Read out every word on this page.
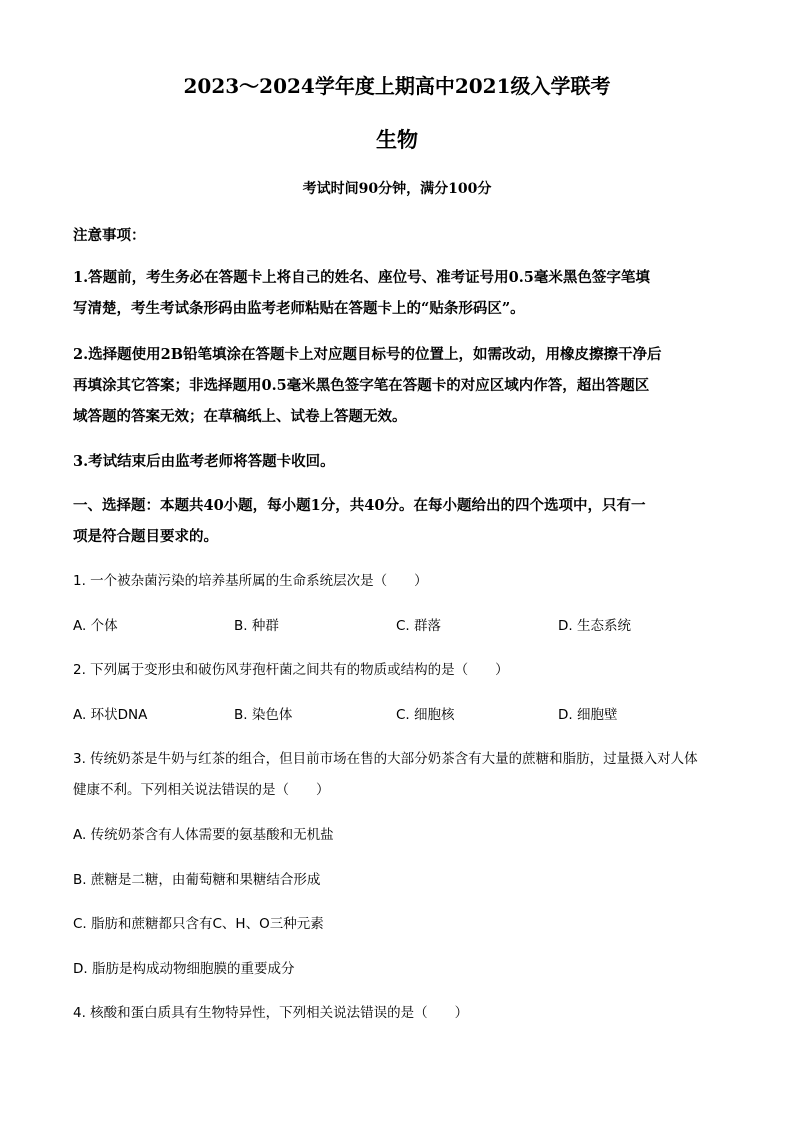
2023～2024学年度上期高中2021级入学联考
生物
考试时间90分钟，满分100分
注意事项：
1.答题前，考生务必在答题卡上将自己的姓名、座位号、准考证号用0.5毫米黑色签字笔填
写清楚，考生考试条形码由监考老师粘贴在答题卡上的“贴条形码区”。
2.选择题使用2B铅笔填涂在答题卡上对应题目标号的位置上，如需改动，用橡皮擦擦干净后
再填涂其它答案；非选择题用0.5毫米黑色签字笔在答题卡的对应区域内作答，超出答题区
域答题的答案无效；在草稿纸上、试卷上答题无效。
3.考试结束后由监考老师将答题卡收回。
一、选择题：本题共40小题，每小题1分，共40分。在每小题给出的四个选项中，只有一
项是符合题目要求的。
1. 一个被杂菌污染的培养基所属的生命系统层次是（　　）
A. 个体	B. 种群	C. 群落	D. 生态系统
2. 下列属于变形虫和破伤风芽孢杆菌之间共有的物质或结构的是（　　）
A. 环状DNA	B. 染色体	C. 细胞核	D. 细胞壁
3. 传统奶茶是牛奶与红茶的组合，但目前市场在售的大部分奶茶含有大量的蔗糖和脂肪，过量摄入对人体
健康不利。下列相关说法错误的是（　　）
A. 传统奶茶含有人体需要的氨基酸和无机盐
B. 蔗糖是二糖，由葡萄糖和果糖结合形成
C. 脂肪和蔗糖都只含有C、H、O三种元素
D. 脂肪是构成动物细胞膜的重要成分
4. 核酸和蛋白质具有生物特异性，下列相关说法错误的是（　　）
